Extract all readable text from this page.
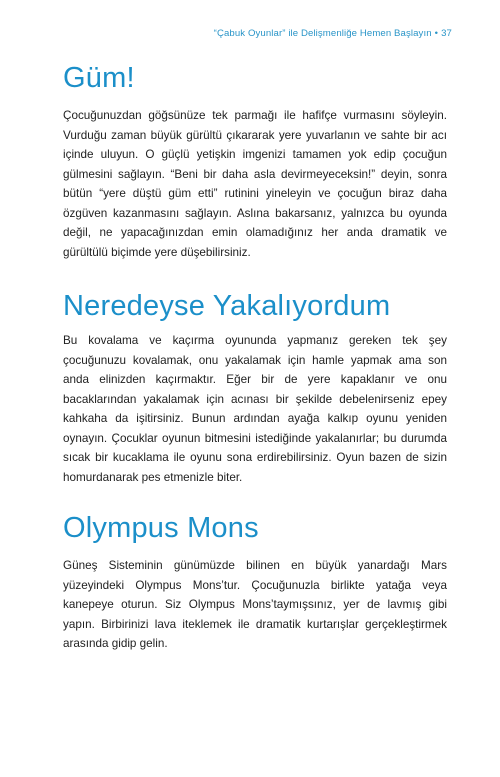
“Çabuk Oyunlar” ile Delişmenliğe Hemen Başlayın • 37
Güm!

Çocuğunuzdan göğsünüze tek parmağı ile hafifçe vurmasını söyleyin. Vurduğu zaman büyük gürültü çıkararak yere yuvarlanın ve sahte bir acı içinde uluyun. O güçlü yetişkin imgenizi tamamen yok edip çocuğun gülmesini sağlayın. “Beni bir daha asla devirmeyeceksin!” deyin, sonra bütün “yere düştü güm etti” rutinini yineleyin ve çocuğun biraz daha özgüven kazanmasını sağlayın. Aslına bakarsanız, yalnızca bu oyunda değil, ne yapacağınızdan emin olamadığınız her anda dramatik ve gürültülü biçimde yere düşebilirsiniz.

Neredeyse Yakalıyordum

Bu kovalama ve kaçırma oyununda yapmanız gereken tek şey çocuğunuzu kovalamak, onu yakalamak için hamle yapmak ama son anda elinizden kaçırmaktır. Eğer bir de yere kapaklanır ve onu bacaklarından yakalamak için acınası bir şekilde debelenirseniz epey kahkaha da işitirsiniz. Bunun ardından ayağa kalkıp oyunu yeniden oynayın. Çocuklar oyunun bitmesini istediğinde yakalanırlar; bu durumda sıcak bir kucaklama ile oyunu sona erdirebilirsiniz. Oyun bazen de sizin homurdanarak pes etmenizle biter.

Olympus Mons

Güneş Sisteminin günümüzde bilinen en büyük yanardağı Mars yüzeyindeki Olympus Mons’tur. Çocuğunuzla birlikte yatağa veya kanepeye oturun. Siz Olympus Mons’taymışsınız, yer de lavmış gibi yapın. Birbirinizi lava iteklemek ile dramatik kurtarışlar gerçekleştirmek arasında gidip gelin.
